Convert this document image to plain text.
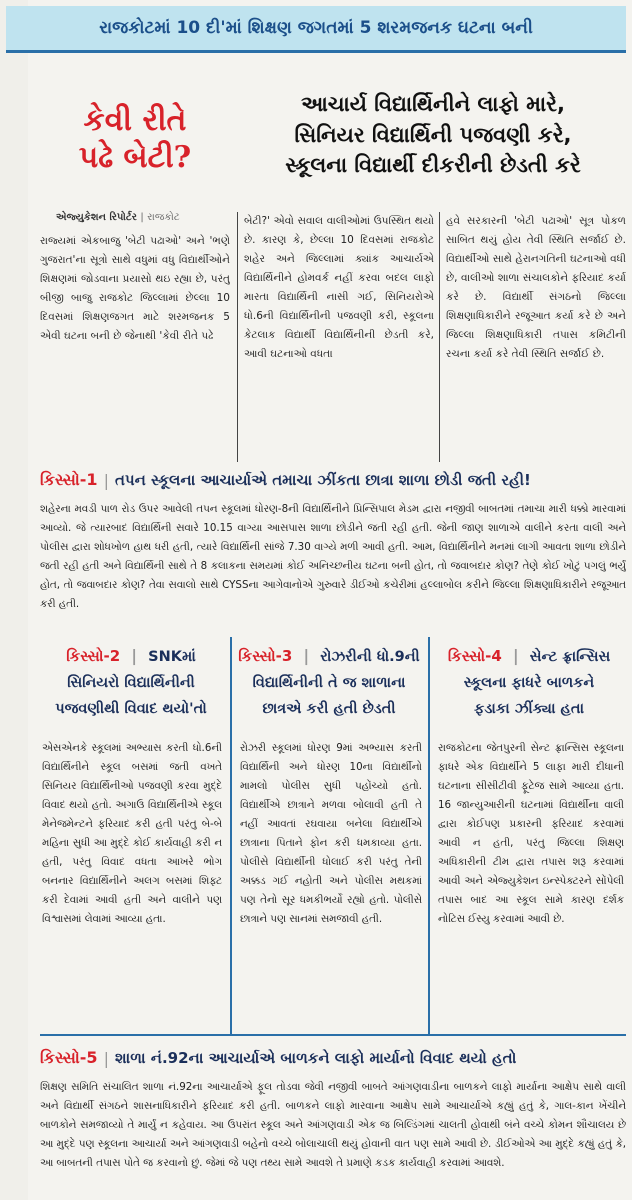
રાજકોટમાં 10 દી'માં શિક્ષણ જગતમાં 5 શરમજનક ઘટના બની
કેવી રીતે
પઢે બેટી?
આચાર્ય વિદ્યાર્થિનીને લાફો મારે,
સિનિયર વિદ્યાર્થિની પજવણી કરે,
સ્કૂલના વિદ્યાર્થી દીકરીની છેડતી કરે
એજ્યુકેશન રિપોર્ટર | રાજકોટ
રાજ્યમાં એકબાજુ 'બેટી પઢાઓ' અને 'ભણે ગુજરાત'ના સૂત્રો સાથે વધુમાં વધુ વિદ્યાર્થીઓને શિક્ષણમાં જોડવાના પ્રયાસો થઇ રહ્યા છે, પરંતુ બીજી બાજુ રાજકોટ જિલ્લામાં છેલ્લા 10 દિવસમાં શિક્ષણજગત માટે શરમજનક 5 એવી ઘટના બની છે જેનાથી 'કેવી રીતે પઢે
બેટી?' એવો સવાલ વાલીઓમાં ઉપસ્થિત થયો છે. કારણ કે, છેલ્લા 10 દિવસમાં રાજકોટ શહેર અને જિલ્લામાં ક્યાંક આચાર્યએ વિદ્યાર્થિનીને હોમવર્ક નહીં કરવા બદલ લાફો મારતા વિદ્યાર્થિની નાસી ગઈ, સિનિયરોએ ધો.6ની વિદ્યાર્થિનીની પજવણી કરી, સ્કૂલના કેટલાક વિદ્યાર્થી વિદ્યાર્થિનીની છેડતી કરે, આવી ઘટનાઓ વધતા
હવે સરકારની 'બેટી પઢાઓ' સૂત્ર પોકળ સાબિત થયું હોય તેવી સ્થિતિ સર્જાઈ છે. વિદ્યાર્થીઓ સાથે હેરાનગતિની ઘટનાઓ વધી છે, વાલીઓ શાળા સંચાલકોને ફરિયાદ કર્યા કરે છે. વિદ્યાર્થી સંગઠનો જિલ્લા શિક્ષણાધિકારીને રજૂઆત કર્યા કરે છે અને જિલ્લા શિક્ષણાધિકારી તપાસ કમિટીની રચના કર્યા કરે તેવી સ્થિતિ સર્જાઈ છે.
કિસ્સો-1 | તપન સ્કૂલના આચાર્યાએ તમાચા ઝીંકતા છાત્રા શાળા છોડી જતી રહી!
શહેરના મવડી પાળ રોડ ઉપર આવેલી તપન સ્કૂલમાં ધોરણ-8ની વિદ્યાર્થિનીને પ્રિન્સિપાલ મેડમ દ્વારા નજીવી બાબતમાં તમાચા મારી ધક્કો મારવામાં આવ્યો. જે ત્યારબાદ વિદ્યાર્થિની સવારે 10.15 વાગ્યા આસપાસ શાળા છોડીને જતી રહી હતી. જેની જાણ શાળાએ વાલીને કરતા વાલી અને પોલીસ દ્વારા શોધખોળ હાથ ધરી હતી, ત્યારે વિદ્યાર્થિની સાંજે 7.30 વાગ્યે મળી આવી હતી. આમ, વિદ્યાર્થિનીને મનમાં લાગી આવતા શાળા છોડીને જતી રહી હતી અને વિદ્યાર્થિની સાથે તે 8 કલાકના સમયમાં કોઈ અનિચ્છનીય ઘટના બની હોત, તો જવાબદાર કોણ? તેણે કોઈ ખોટું પગલું ભર્યું હોત, તો જવાબદાર કોણ? તેવા સવાલો સાથે CYSSના આગેવાનોએ ગુરુવારે ડીઈઓ કચેરીમાં હલ્લાબોલ કરીને જિલ્લા શિક્ષણાધિકારીને રજૂઆત કરી હતી.
કિસ્સો-2 | SNKમાં
સિનિયરો વિદ્યાર્થિનીની
પજવણીથી વિવાદ થયો'તો
એસએનકે સ્કૂલમાં અભ્યાસ કરતી ધો.6ની વિદ્યાર્થિનીને સ્કૂલ બસમાં જતી વખતે સિનિયર વિદ્યાર્થિનીઓ પજવણી કરવા મુદ્દે વિવાદ થયો હતો. અગાઉ વિદ્યાર્થિનીએ સ્કૂલ મેનેજમેન્ટને ફરિયાદ કરી હતી પરંતુ બે-બે મહિના સુધી આ મુદ્દે કોઈ કાર્યવાહી કરી ન હતી, પરંતુ વિવાદ વધતા આખરે ભોગ બનનાર વિદ્યાર્થિનીને અલગ બસમાં શિફ્ટ કરી દેવામાં આવી હતી અને વાલીને પણ વિશ્વાસમાં લેવામાં આવ્યા હતા.
કિસ્સો-3 | રોઝરીની ધો.9ની
વિદ્યાર્થિનીની તે જ શાળાના
છાત્રએ કરી હતી છેડતી
રોઝરી સ્કૂલમાં ધોરણ 9માં અભ્યાસ કરતી વિદ્યાર્થિની અને ધોરણ 10ના વિદ્યાર્થીનો મામલો પોલીસ સુધી પહોંચ્યો હતો. વિદ્યાર્થીએ છાત્રાને મળવા બોલાવી હતી તે નહીં આવતાં રઘવાયા બનેલા વિદ્યાર્થીએ છાત્રાના પિતાને ફોન કરી ધમકાવ્યા હતા. પોલીસે વિદ્યાર્થીની ધોલાઈ કરી પરંતુ તેની અક્કડ ગઈ નહોતી અને પોલીસ મથકમાં પણ તેનો સૂર ધમકીભર્યો રહ્યો હતો. પોલીસે છાત્રાને પણ સાનમાં સમજાવી હતી.
કિસ્સો-4 | સેન્ટ ફ્રાન્સિસ
સ્કૂલના ફાધરે બાળકને
ફડાકા ઝીંક્યા હતા
રાજકોટના જેતપુરની સેન્ટ ફ્રાન્સિસ સ્કૂલના ફાધરે એક વિદ્યાર્થીને 5 લાફા મારી દીધાની ઘટનાના સીસીટીવી ફૂટેજ સામે આવ્યા હતા. 16 જાન્યુઆરીની ઘટનામાં વિદ્યાર્થીના વાલી દ્વારા કોઈપણ પ્રકારની ફરિયાદ કરવામાં આવી ન હતી, પરંતુ જિલ્લા શિક્ષણ અધિકારીની ટીમ દ્વારા તપાસ શરૂ કરવામાં આવી અને એજ્યુકેશન ઇન્સ્પેક્ટરને સોંપેલી તપાસ બાદ આ સ્કૂલ સામે કારણ દર્શક નોટિસ ઈસ્યુ કરવામાં આવી છે.
કિસ્સો-5 | શાળા નં.92ના આચાર્યાએ બાળકને લાફો માર્યાનો વિવાદ થયો હતો
શિક્ષણ સમિતિ સંચાલિત શાળા નં.92ના આચાર્યાએ ફૂલ તોડવા જેવી નજીવી બાબતે આંગણવાડીના બાળકને લાફો માર્યાના આક્ષેપ સાથે વાલી અને વિદ્યાર્થી સંગઠને શાસનાધિકારીને ફરિયાદ કરી હતી. બાળકને લાફો મારવાના આક્ષેપ સામે આચાર્યાએ કહ્યું હતું કે, ગાલ-કાન ખેંચીને બાળકોને સમજાવ્યો તે માર્યું ન કહેવાય. આ ઉપરાંત સ્કૂલ અને આંગણવાડી એક જ બિલ્ડિંગમાં ચાલતી હોવાથી બંને વચ્ચે કોમન શૌચાલય છે આ મુદ્દે પણ સ્કૂલના આચાર્યા અને આંગણવાડી બહેનો વચ્ચે બોલાચાલી થયું હોવાની વાત પણ સામે આવી છે. ડીઈઓએ આ મુદ્દે કહ્યું હતું કે, આ બાબતની તપાસ પોતે જ કરવાનો છું. જેમાં જે પણ તથ્ય સામે આવશે તે પ્રમાણે કડક કાર્યવાહી કરવામાં આવશે.
